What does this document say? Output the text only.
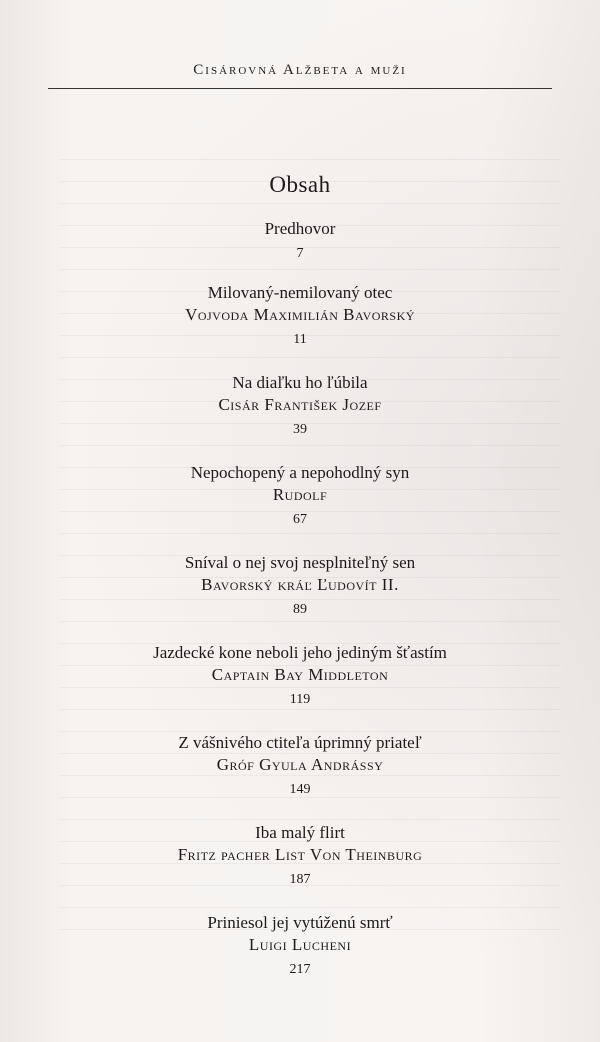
Cisárovná Alžbeta a muži
Obsah
Predhovor
7
Milovaný-nemilovaný otec
Vojvoda Maximilián Bavorský
11
Na diaľku ho ľúbila
Cisár František Jozef
39
Nepochopený a nepohodlný syn
Rudolf
67
Sníval o nej svoj nesplniteľný sen
Bavorský kráľ Ľudovít II.
89
Jazdecké kone neboli jeho jediným šťastím
Captain Bay Middleton
119
Z vášnivého ctiteľa úprimný priateľ
Gróf Gyula Andrássy
149
Iba malý flirt
Fritz pacher List Von Theinburg
187
Priniesol jej vytúženú smrť
Luigi Lucheni
217
